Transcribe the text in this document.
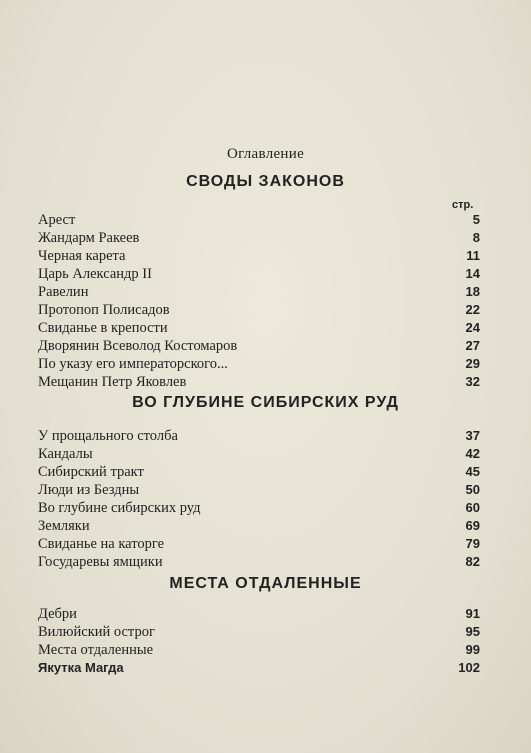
Оглавление
СВОДЫ ЗАКОНОВ
стр.
Арест	5
Жандарм Ракеев	8
Черная карета	11
Царь Александр II	14
Равелин	18
Протопоп Полисадов	22
Свиданье в крепости	24
Дворянин Всеволод Костомаров	27
По указу его императорского...	29
Мещанин Петр Яковлев	32
ВО ГЛУБИНЕ СИБИРСКИХ РУД
У прощального столба	37
Кандалы	42
Сибирский тракт	45
Люди из Бездны	50
Во глубине сибирских руд	60
Земляки	69
Свиданье на каторге	79
Государевы ямщики	82
МЕСТА ОТДАЛЕННЫЕ
Дебри	91
Вилюйский острог	95
Места отдаленные	99
Якутка Магда	102
